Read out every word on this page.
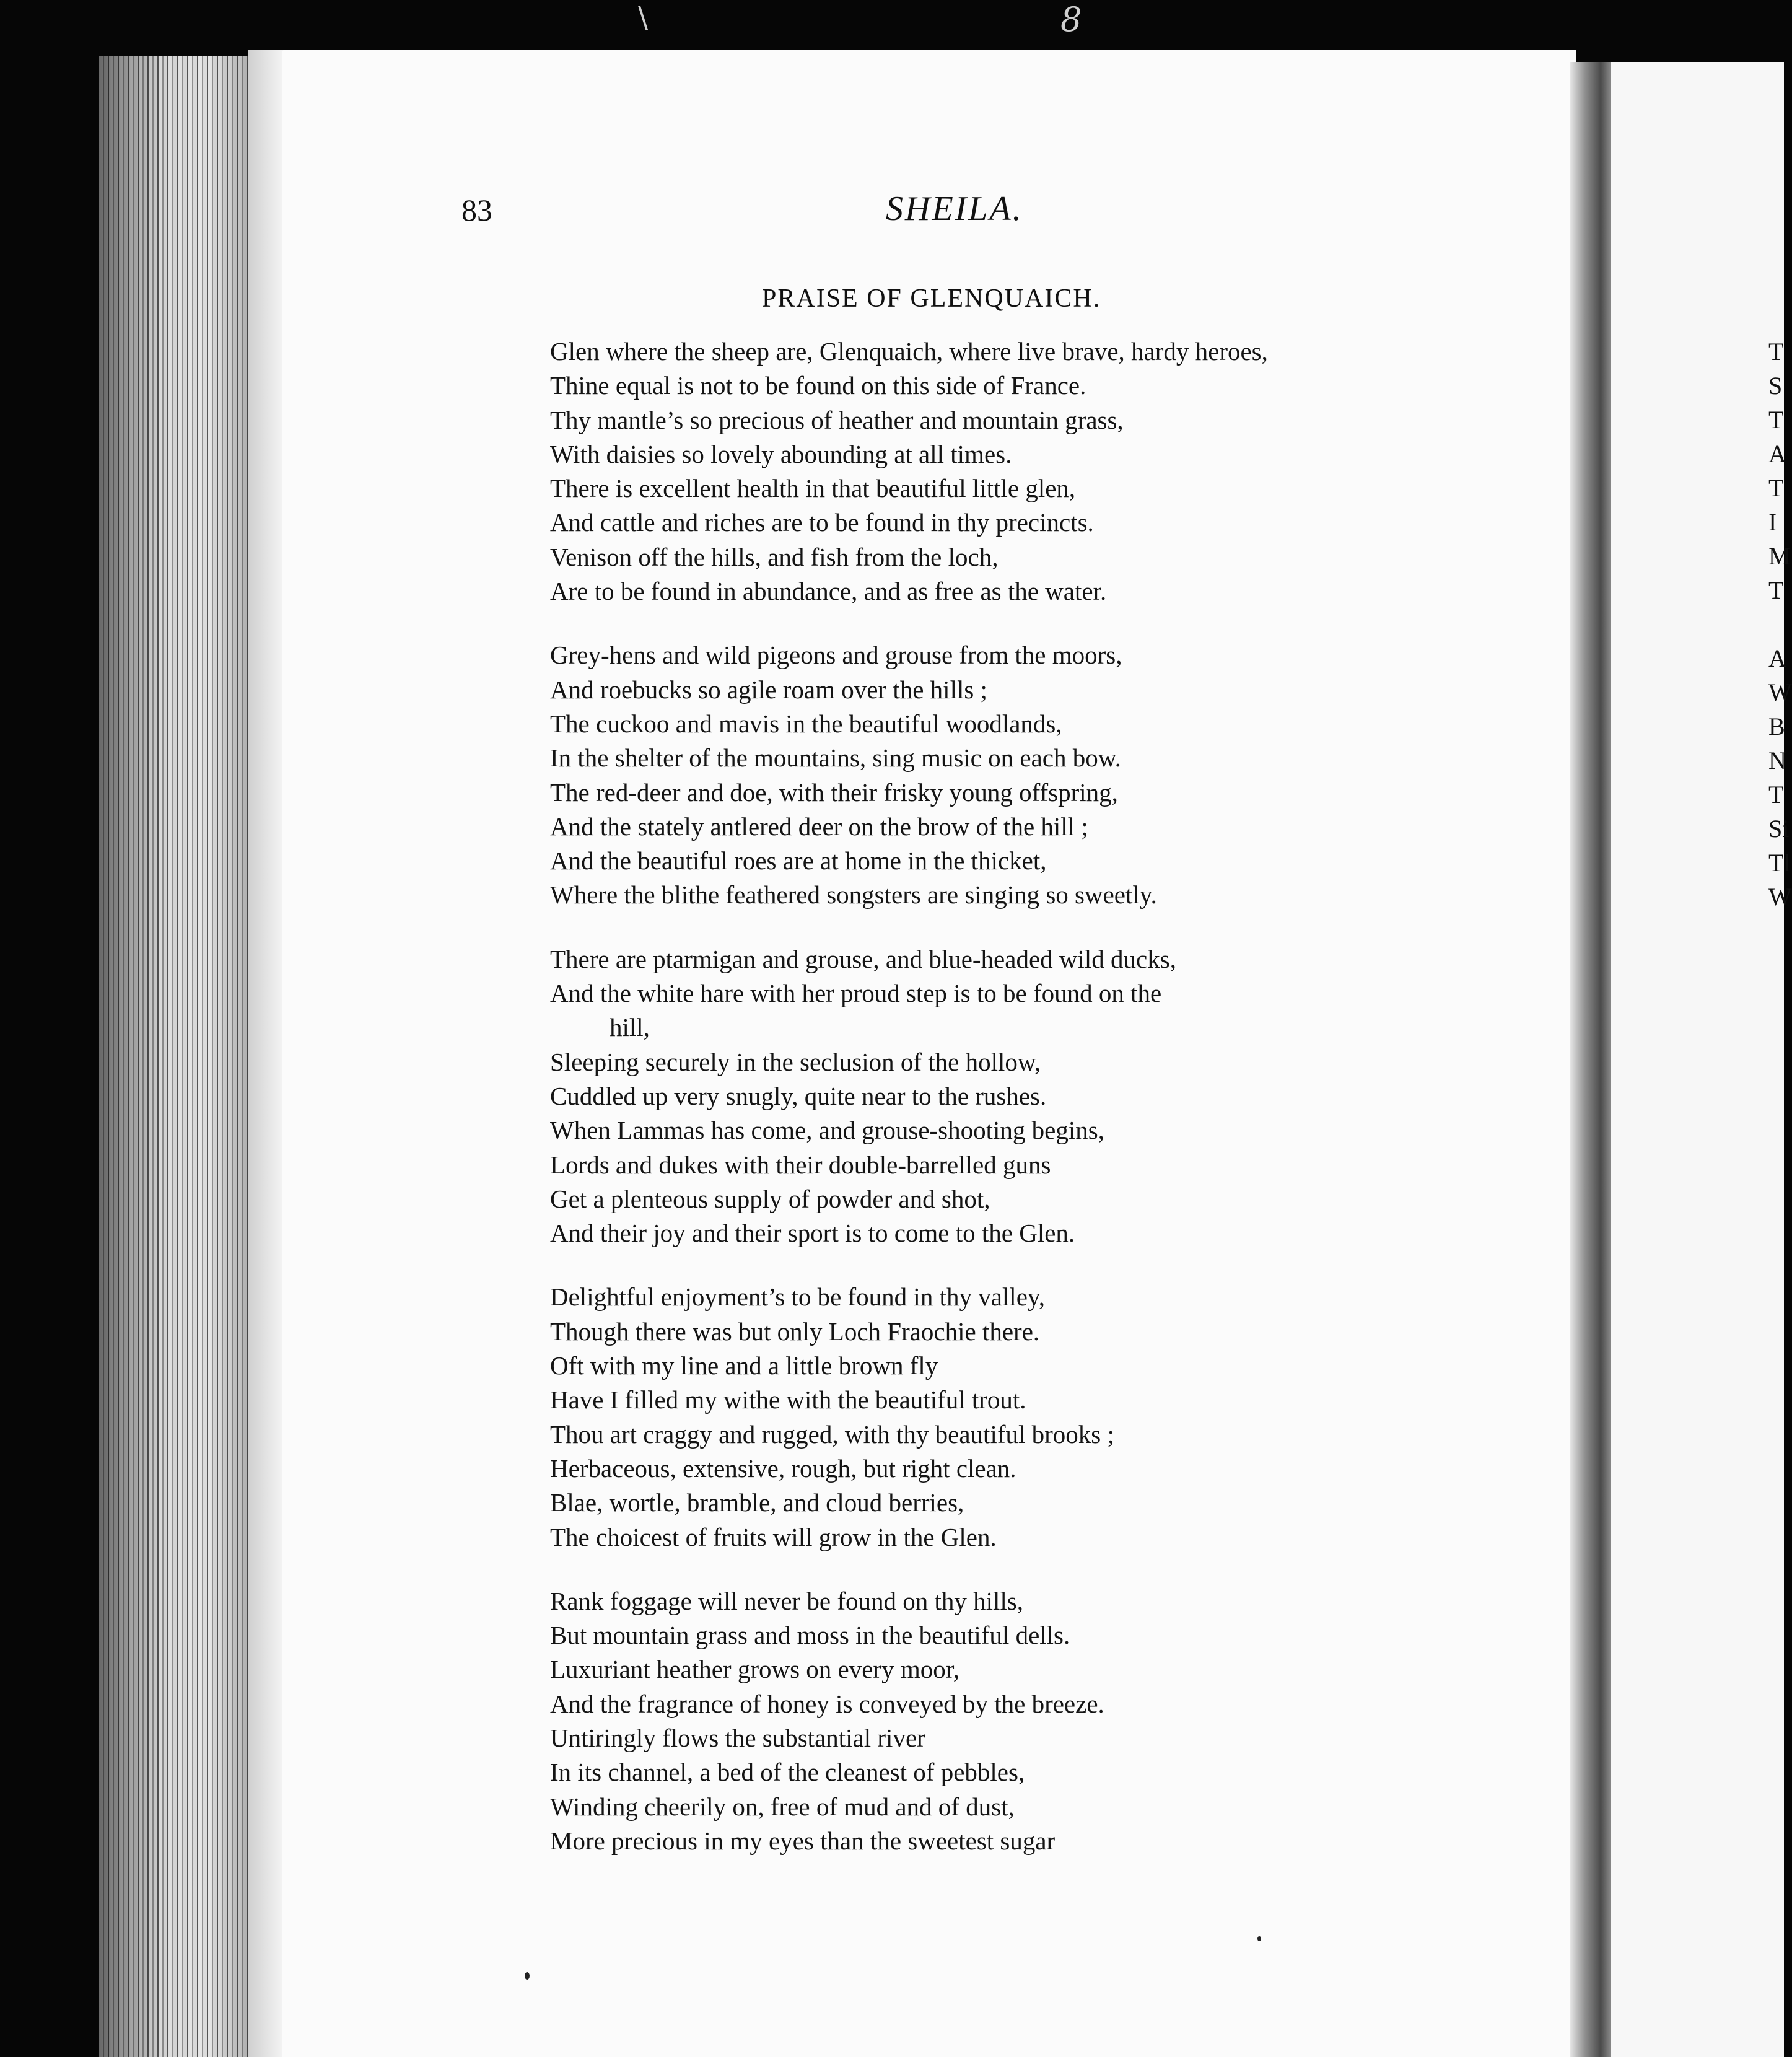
8
\
T
S
T
A
T
I
M
T
A
W
B
N
T
Si
Tl
W
83	SHEILA.
PRAISE OF GLENQUAICH.
Glen where the sheep are, Glenquaich, where live brave, hardy heroes,
Thine equal is not to be found on this side of France.
Thy mantle’s so precious of heather and mountain grass,
With daisies so lovely abounding at all times.
There is excellent health in that beautiful little glen,
And cattle and riches are to be found in thy precincts.
Venison off the hills, and fish from the loch,
Are to be found in abundance, and as free as the water.
Grey-hens and wild pigeons and grouse from the moors,
And roebucks so agile roam over the hills ;
The cuckoo and mavis in the beautiful woodlands,
In the shelter of the mountains, sing music on each bow.
The red-deer and doe, with their frisky young offspring,
And the stately antlered deer on the brow of the hill ;
And the beautiful roes are at home in the thicket,
Where the blithe feathered songsters are singing so sweetly.
There are ptarmigan and grouse, and blue-headed wild ducks,
And the white hare with her proud step is to be found on the
hill,
Sleeping securely in the seclusion of the hollow,
Cuddled up very snugly, quite near to the rushes.
When Lammas has come, and grouse-shooting begins,
Lords and dukes with their double-barrelled guns
Get a plenteous supply of powder and shot,
And their joy and their sport is to come to the Glen.
Delightful enjoyment’s to be found in thy valley,
Though there was but only Loch Fraochie there.
Oft with my line and a little brown fly
Have I filled my withe with the beautiful trout.
Thou art craggy and rugged, with thy beautiful brooks ;
Herbaceous, extensive, rough, but right clean.
Blae, wortle, bramble, and cloud berries,
The choicest of fruits will grow in the Glen.
Rank foggage will never be found on thy hills,
But mountain grass and moss in the beautiful dells.
Luxuriant heather grows on every moor,
And the fragrance of honey is conveyed by the breeze.
Untiringly flows the substantial river
In its channel, a bed of the cleanest of pebbles,
Winding cheerily on, free of mud and of dust,
More precious in my eyes than the sweetest sugar
